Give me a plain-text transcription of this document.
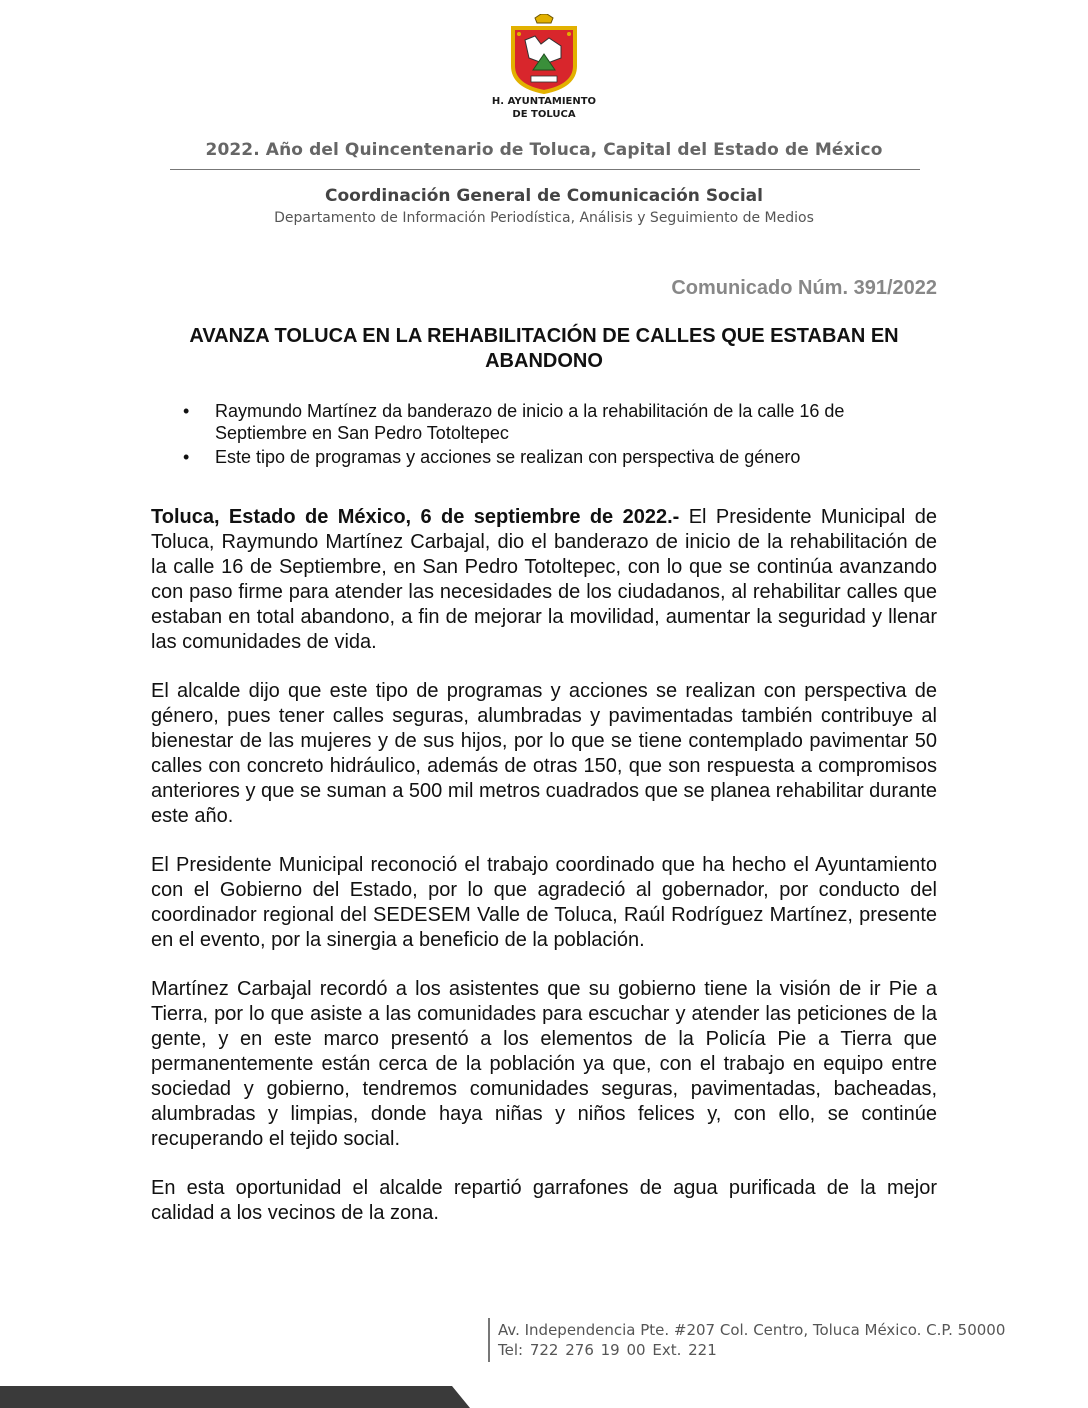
H. AYUNTAMIENTO
DE TOLUCA
2022. Año del Quincentenario de Toluca, Capital del Estado de México
Coordinación General de Comunicación Social
Departamento de Información Periodística, Análisis y Seguimiento de Medios
Comunicado Núm. 391/2022
AVANZA TOLUCA EN LA REHABILITACIÓN DE CALLES QUE ESTABAN EN ABANDONO
• Raymundo Martínez da banderazo de inicio a la rehabilitación de la calle 16 de Septiembre en San Pedro Totoltepec
• Este tipo de programas y acciones se realizan con perspectiva de género

Toluca, Estado de México, 6 de septiembre de 2022.- El Presidente Municipal de Toluca, Raymundo Martínez Carbajal, dio el banderazo de inicio de la rehabilitación de la calle 16 de Septiembre, en San Pedro Totoltepec, con lo que se continúa avanzando con paso firme para atender las necesidades de los ciudadanos, al rehabilitar calles que estaban en total abandono, a fin de mejorar la movilidad, aumentar la seguridad y llenar las comunidades de vida.

El alcalde dijo que este tipo de programas y acciones se realizan con perspectiva de género, pues tener calles seguras, alumbradas y pavimentadas también contribuye al bienestar de las mujeres y de sus hijos, por lo que se tiene contemplado pavimentar 50 calles con concreto hidráulico, además de otras 150, que son respuesta a compromisos anteriores y que se suman a 500 mil metros cuadrados que se planea rehabilitar durante este año.

El Presidente Municipal reconoció el trabajo coordinado que ha hecho el Ayuntamiento con el Gobierno del Estado, por lo que agradeció al gobernador, por conducto del coordinador regional del SEDESEM Valle de Toluca, Raúl Rodríguez Martínez, presente en el evento, por la sinergia a beneficio de la población.

Martínez Carbajal recordó a los asistentes que su gobierno tiene la visión de ir Pie a Tierra, por lo que asiste a las comunidades para escuchar y atender las peticiones de la gente, y en este marco presentó a los elementos de la Policía Pie a Tierra que permanentemente están cerca de la población ya que, con el trabajo en equipo entre sociedad y gobierno, tendremos comunidades seguras, pavimentadas, bacheadas, alumbradas y limpias, donde haya niñas y niños felices y, con ello, se continúe recuperando el tejido social.

En esta oportunidad el alcalde repartió garrafones de agua purificada de la mejor calidad a los vecinos de la zona.

Av. Independencia Pte. #207 Col. Centro, Toluca México. C.P. 50000
Tel: 722 276 19 00 Ext. 221
